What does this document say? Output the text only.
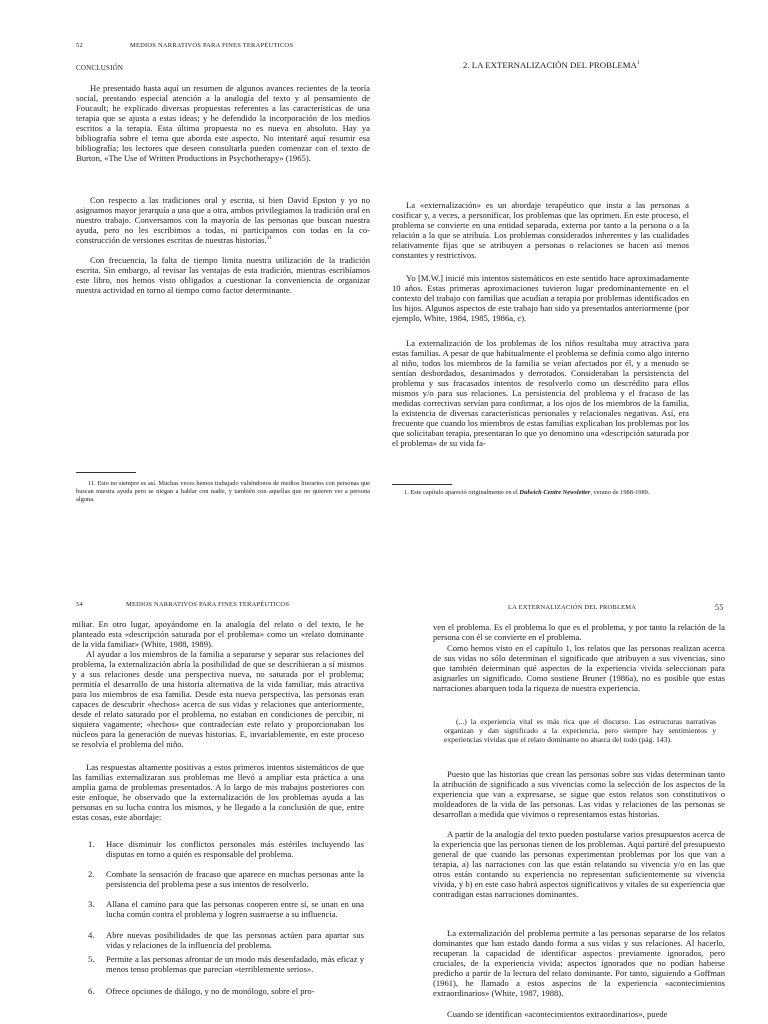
52	MEDIOS NARRATIVOS PARA FINES TERAPÉUTICOS
CONCLUSIÓN

He presentado hasta aquí un resumen de algunos avances recientes de la teoría social, prestando especial atención a la analogía del texto y al pensamiento de Foucault; he explicado diversas propuestas referentes a las características de una terapia que se ajusta a estas ideas; y he defendido la incorporación de los medios escritos a la terapia. Esta última propuesta no es nueva en absoluto. Hay ya bibliografía sobre el tema que aborda este aspecto. No intentaré aquí resumir esa bibliografía; los lectores que deseen consultarla pueden comenzar con el texto de Burton, «The Use of Written Productions in Psychotherapy» (1965).

Con respecto a las tradiciones oral y escrita, si bien David Epston y yo no asignamos mayor jerarquía a una que a otra, ambos privilegiamos la tradición oral en nuestro trabajo. Conversamos con la mayoría de las personas que buscan nuestra ayuda, pero no les escribimos a todas, ni participamos con todas en la co-construcción de versiones escritas de nuestras historias.$^{11}$

Con frecuencia, la falta de tiempo limita nuestra utilización de la tradición escrita. Sin embargo, al revisar las ventajas de esta tradición, mientras escribíamos este libro, nos hemos visto obligados a cuestionar la conveniencia de organizar nuestra actividad en torno al tiempo como factor determinante.

11. Esto no siempre es así. Muchas veces hemos trabajado valiéndonos de medios literarios con personas que buscan nuestra ayuda pero se niegan a hablar con nadie, y también con aquellas que no quieren ver a persona alguna.

2. LA EXTERNALIZACIÓN DEL PROBLEMA$^1$

La «externalización» es un abordaje terapéutico que insta a las personas a cosificar y, a veces, a personificar, los problemas que las oprimen. En este proceso, el problema se convierte en una entidad separada, externa por tanto a la persona o a la relación a la que se atribuía. Los problemas considerados inherentes y las cualidades relativamente fijas que se atribuyen a personas o relaciones se hacen así menos constantes y restrictivos.

Yo [M.W.] inicié mis intentos sistemáticos en este sentido hace aproximadamente 10 años. Estas primeras aproximaciones tuvieron lugar predominantemente en el contexto del trabajo con familias que acudían a terapia por problemas identificados en los hijos. Algunos aspectos de este trabajo han sido ya presentados anteriormente (por ejemplo, White, 1984, 1985, 1986a, c).

La externalización de los problemas de los niños resultaba muy atractiva para estas familias. A pesar de que habitualmente el problema se definía como algo interno al niño, todos los miembros de la familia se veían afectados por él, y a menudo se sentían desbordados, desanimados y derrotados. Consideraban la persistencia del problema y sus fracasados intentos de resolverlo como un descrédito para ellos mismos y/o para sus relaciones. La persistencia del problema y el fracaso de las medidas correctivas servían para confirmar, a los ojos de los miembros de la familia, la existencia de diversas características personales y relacionales negativas. Así, era frecuente que cuando los miembros de estas familias explicaban los problemas por los que solicitaban terapia, presentaran lo que yo denomino una «descripción saturada por el problema» de su vida fa-

1. Este capítulo apareció originalmente en el Dulwich Centre Newsletter, verano de 1988-1989.

54	MEDIOS NARRATIVOS PARA FINES TERAPÉUTICOS

miliar. En otro lugar, apoyándome en la analogía del relato o del texto, le he planteado esta «descripción saturada por el problema» como un «relato dominante de la vida familiar» (White, 1988, 1989).

Al ayudar a los miembros de la familia a separarse y separar sus relaciones del problema, la externalización abría la posibilidad de que se describieran a sí mismos y a sus relaciones desde una perspectiva nueva, no saturada por el problema; permitía el desarrollo de una historia alternativa de la vida familiar, más atractiva para los miembros de esa familia. Desde esta nueva perspectiva, las personas eran capaces de descubrir «hechos» acerca de sus vidas y relaciones que anteriormente, desde el relato saturado por el problema, no estaban en condiciones de percibir, ni siquiera vagamente; «hechos» que contradecían este relato y proporcionaban los núcleos para la generación de nuevas historias. E, invariablemente, en este proceso se resolvía el problema del niño.

Las respuestas altamente positivas a estos primeros intentos sistemáticos de que las familias externalizaran sus problemas me llevó a ampliar esta práctica a una amplia gama de problemas presentados. A lo largo de mis trabajos posteriores con este enfoque, he observado que la externalización de los problemas ayuda a las personas en su lucha contra los mismos, y he llegado a la conclusión de que, entre estas cosas, este abordaje:

1. Hace disminuir los conflictos personales más estériles incluyendo las disputas en torno a quién es responsable del problema.
2. Combate la sensación de fracaso que aparece en muchas personas ante la persistencia del problema pese a sus intentos de resolverlo.
3. Allana el camino para que las personas cooperen entre sí, se unan en una lucha común contra el problema y logren sustraerse a su influencia.
4. Abre nuevas posibilidades de que las personas actúen para apartar sus vidas y relaciones de la influencia del problema.
5. Permite a las personas afrontar de un modo más desenfadado, más eficaz y menos tenso problemas que parecían «terriblemente serios».
6. Ofrece opciones de diálogo, y no de monólogo, sobre el pro-
LA EXTERNALIZACIÓN DEL PROBLEMA	55

ven el problema. Es el problema lo que es el problema, y por tanto la relación de la persona con él se convierte en el problema.

Como hemos visto en el capítulo 1, los relatos que las personas realizan acerca de sus vidas no sólo determinan el significado que atribuyen a sus vivencias, sino que también determinan qué aspectos de la experiencia vivida seleccionan para asignarles un significado. Como sostiene Bruner (1986a), no es posible que estas narraciones abarquen toda la riqueza de nuestra experiencia.

(...) la experiencia vital es más rica que el discurso. Las estructuras narrativas organizan y dan significado a la experiencia, pero siempre hay sentimientos y experiencias vividas que el relato dominante no abarca del todo (pág. 143).

Puesto que las historias que crean las personas sobre sus vidas determinan tanto la atribución de significado a sus vivencias como la selección de los aspectos de la experiencia que van a expresarse, se sigue que estos relatos son constitutivos o moldeadores de la vida de las personas. Las vidas y relaciones de las personas se desarrollan a medida que vivimos o representamos estas historias.

A partir de la analogía del texto pueden postularse varios presupuestos acerca de la experiencia que las personas tienen de los problemas. Aquí partiré del presupuesto general de que cuando las personas experimentan problemas por los que van a terapia, a) las narraciones con las que están relatando su vivencia y/o en las que otros están contando su experiencia no representan suficientemente su vivencia vivida, y b) en este caso habrá aspectos significativos y vitales de su experiencia que contradigan estas narraciones dominantes.

La externalización del problema permite a las personas separarse de los relatos dominantes que han estado dando forma a sus vidas y sus relaciones. Al hacerlo, recuperan la capacidad de identificar aspectos previamente ignorados, pero cruciales, de la experiencia vivida; aspectos ignorados que no podían haberse predicho a partir de la lectura del relato dominante. Por tanto, siguiendo a Goffman (1961), he llamado a estos aspectos de la experiencia «acontecimientos extraordinarios» (White, 1987, 1988).

Cuando se identifican «acontecimientos extraordinarios», puede
